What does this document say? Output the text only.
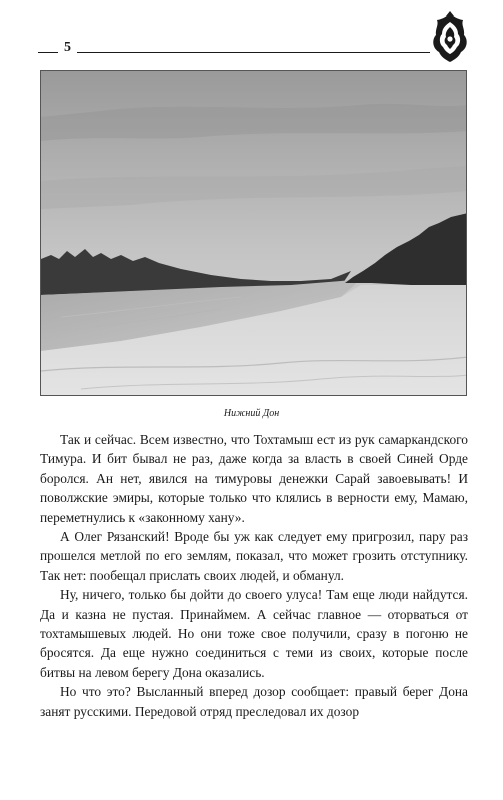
5
Нижний Дон

Так и сейчас. Всем известно, что Тохтамыш ест из рук самаркандского Тимура. И бит бывал не раз, даже когда за власть в своей Синей Орде боролся. Ан нет, явился на тимуровы денежки Сарай завоевывать! И поволжские эмиры, которые только что клялись в верности ему, Мамаю, переметнулись к «законному хану».

А Олег Рязанский! Вроде бы уж как следует ему пригрозил, пару раз прошелся метлой по его землям, показал, что может грозить отступнику. Так нет: пообещал прислать своих людей, и обманул.

Ну, ничего, только бы дойти до своего улуса! Там еще люди найдутся. Да и казна не пустая. Принаймем. А сейчас главное — оторваться от тохтамышевых людей. Но они тоже свое получили, сразу в погоню не бросятся. Да еще нужно соединиться с теми из своих, которые после битвы на левом берегу Дона оказались.

Но что это? Высланный вперед дозор сообщает: правый берег Дона занят русскими. Передовой отряд преследовал их дозор
